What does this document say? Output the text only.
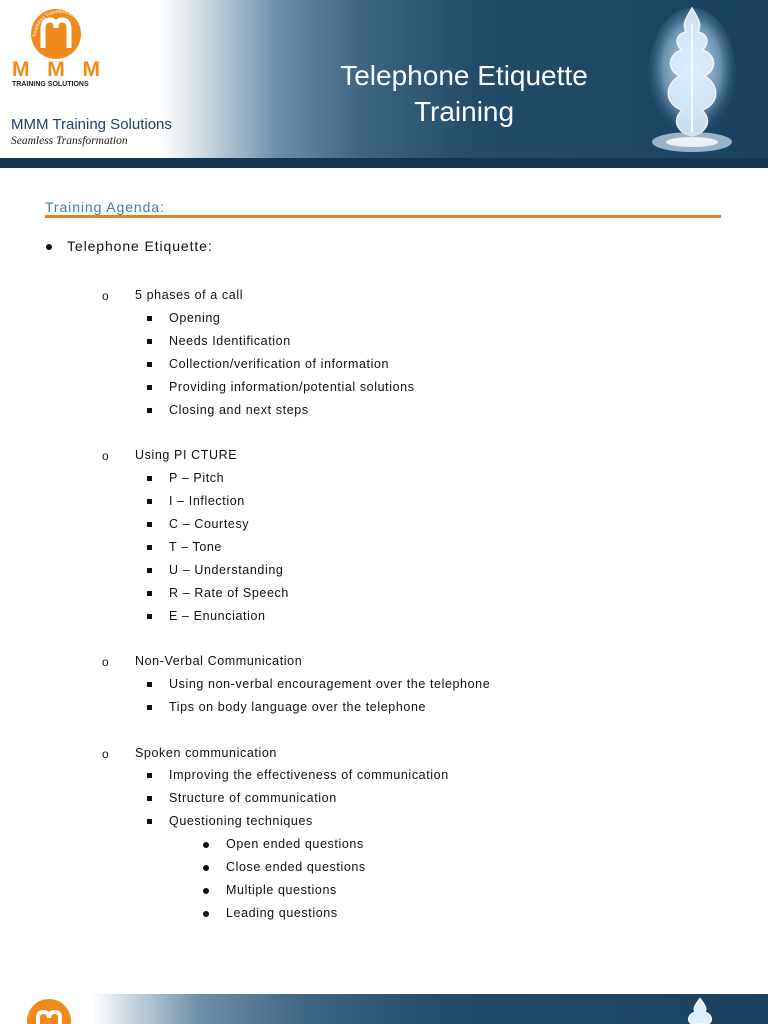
Seamless Transformation
MMM
TRAINING SOLUTIONS
MMM Training Solutions
Seamless Transformation
Telephone Etiquette
Training
Training Agenda:
Telephone Etiquette:
o 5 phases of a call
Opening
Needs Identification
Collection/verification of information
Providing information/potential solutions
Closing and next steps
o Using PI CTURE
P – Pitch
I – Inflection
C – Courtesy
T – Tone
U – Understanding
R – Rate of Speech
E – Enunciation
o Non-Verbal Communication
Using non-verbal encouragement over the telephone
Tips on body language over the telephone
o Spoken communication
Improving the effectiveness of communication
Structure of communication
Questioning techniques
Open ended questions
Close ended questions
Multiple questions
Leading questions
